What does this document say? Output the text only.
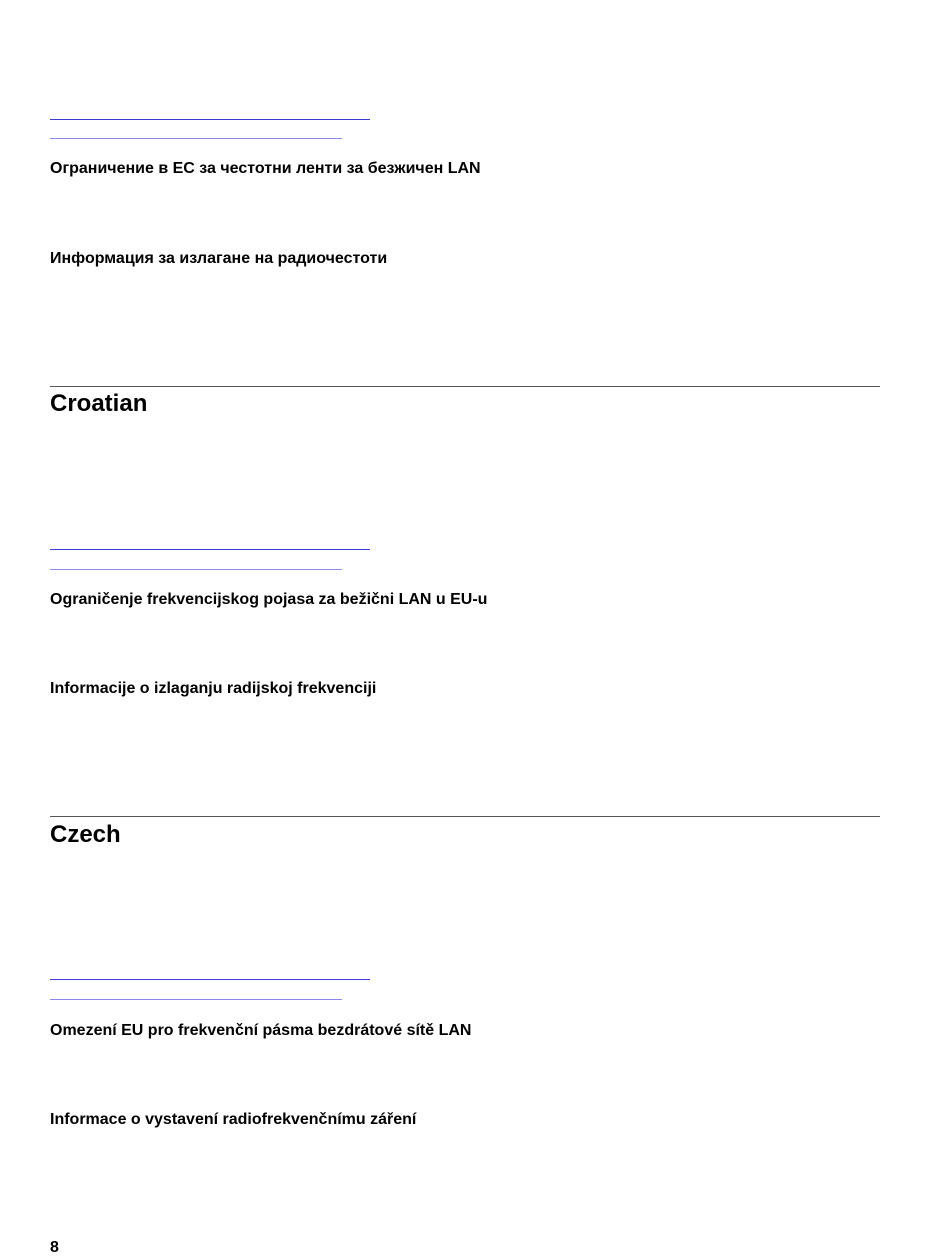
Ограничение в ЕС за честотни ленти за безжичен LAN
Информация за излагане на радиочестоти
Croatian
Ograničenje frekvencijskog pojasa za bežični LAN u EU-u
Informacije o izlaganju radijskoj frekvenciji
Czech
Omezení EU pro frekvenční pásma bezdrátové sítě LAN
Informace o vystavení radiofrekvenčnímu záření
8
